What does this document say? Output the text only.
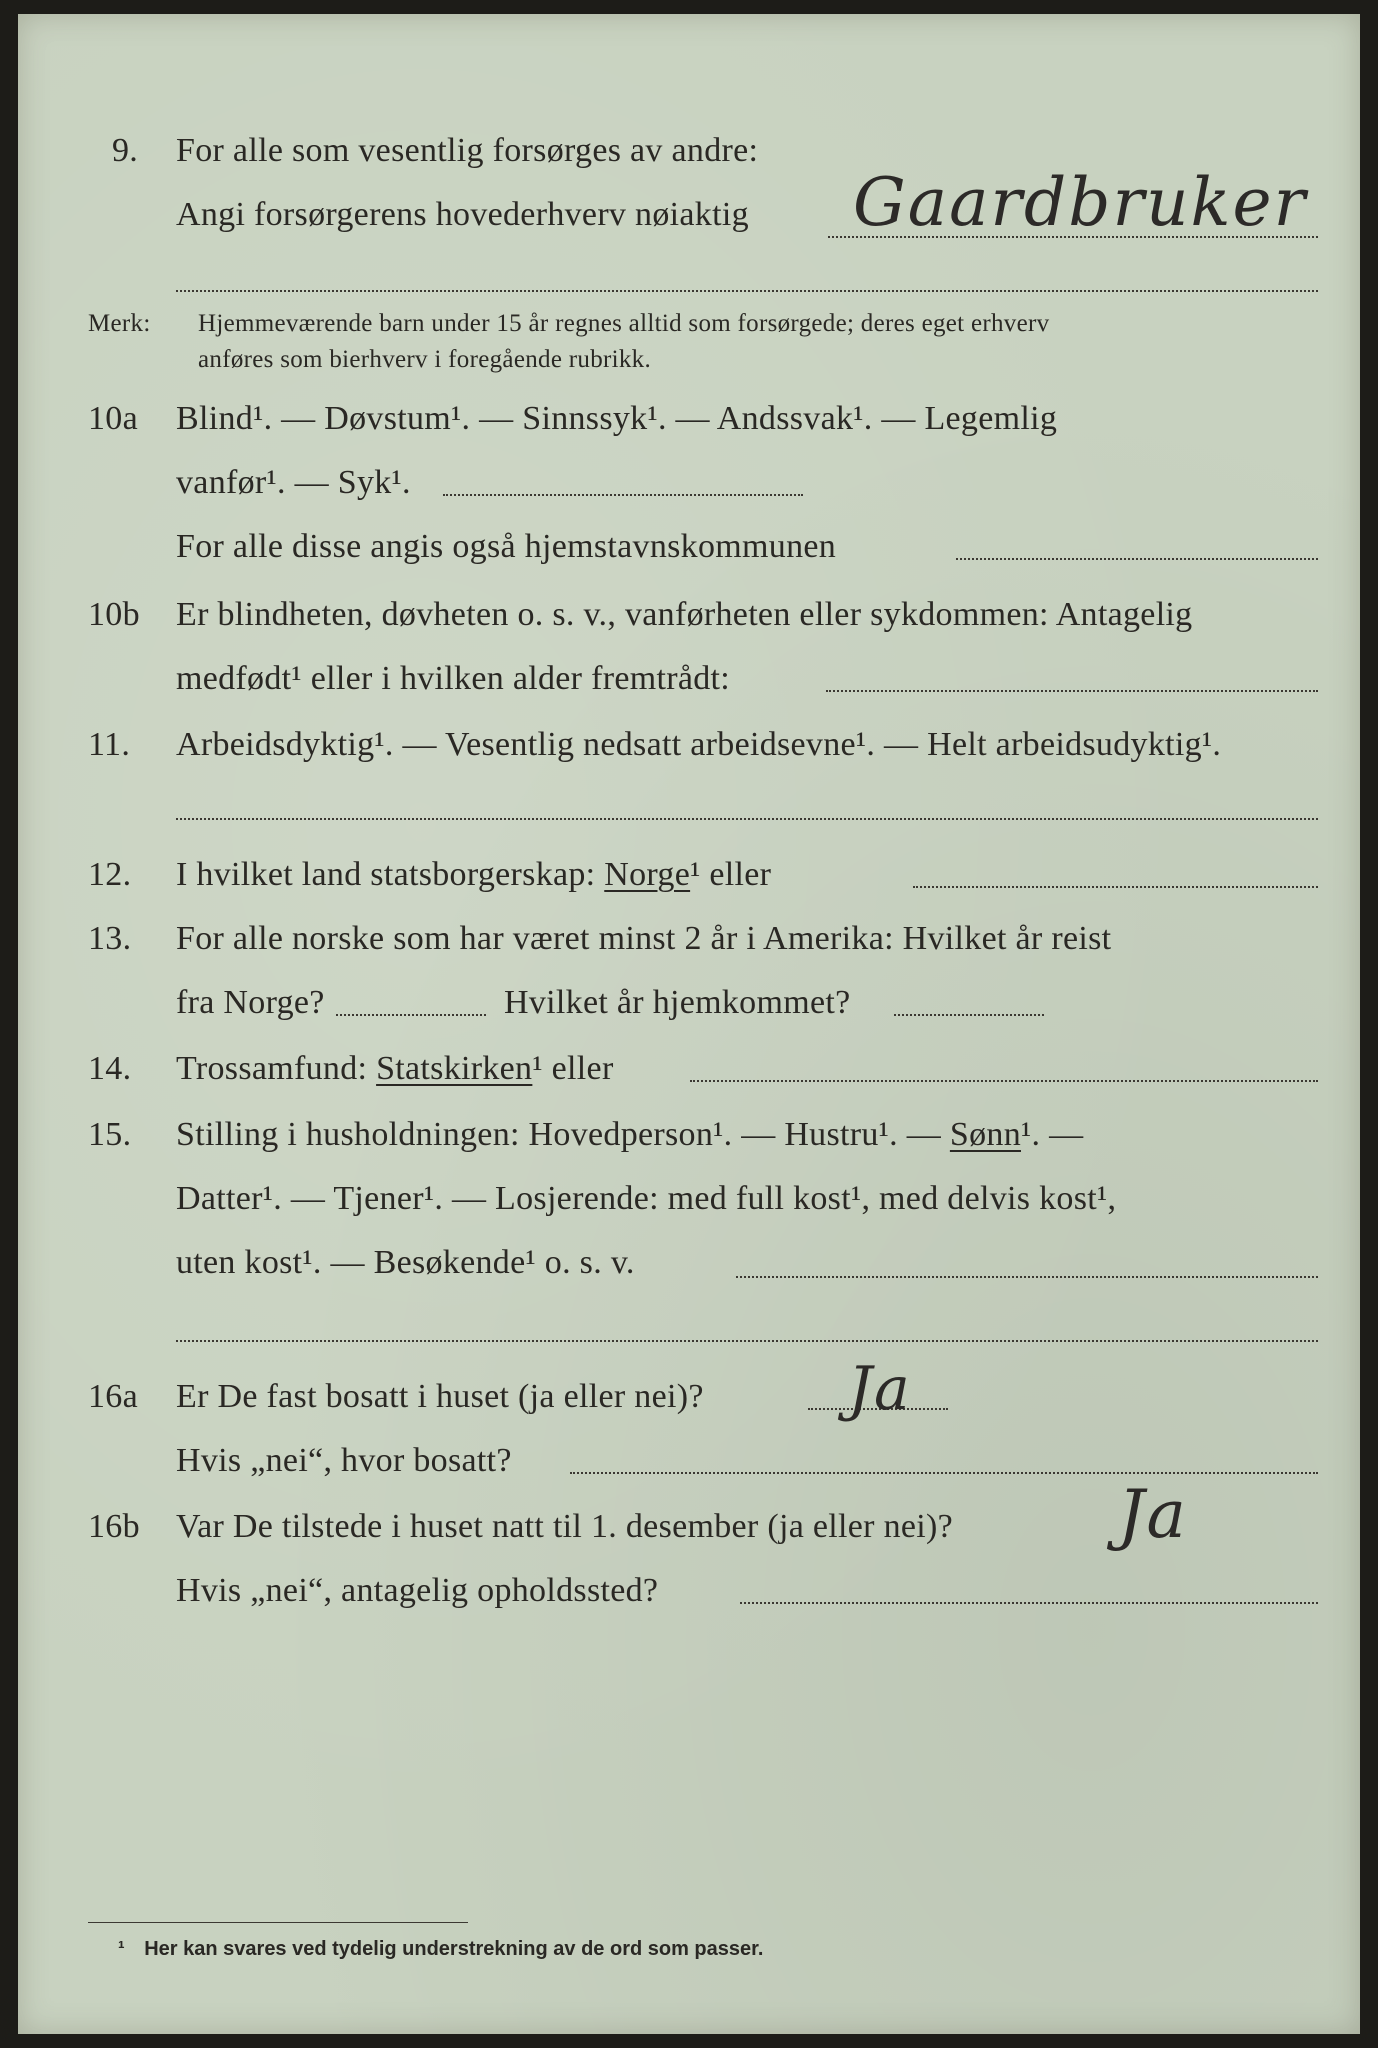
9. For alle som vesentlig forsørges av andre:
Angi forsørgerens hovederhverv nøiaktig Gaardbruker
Merk: Hjemmeværende barn under 15 år regnes alltid som forsørgede; deres eget erhverv
anføres som bierhverv i foregående rubrikk.
10a Blind¹. — Døvstum¹. — Sinnssyk¹. — Andssvak¹. — Legemlig
vanfør¹. — Syk¹.
For alle disse angis også hjemstavnskommunen
10b Er blindheten, døvheten o. s. v., vanførheten eller sykdommen: Antagelig
medfødt¹ eller i hvilken alder fremtrådt:
11. Arbeidsdyktig¹. — Vesentlig nedsatt arbeidsevne¹. — Helt arbeidsudyktig¹.
12. I hvilket land statsborgerskap: Norge¹ eller
13. For alle norske som har været minst 2 år i Amerika: Hvilket år reist
fra Norge?	Hvilket år hjemkommet?
14. Trossamfund: Statskirken¹ eller
15. Stilling i husholdningen: Hovedperson¹. — Hustru¹. — Sønn¹. —
Datter¹. — Tjener¹. — Losjerende: med full kost¹, med delvis kost¹,
uten kost¹. — Besøkende¹ o. s. v.
16a Er De fast bosatt i huset (ja eller nei)? Ja
Hvis „nei“, hvor bosatt?
16b Var De tilstede i huset natt til 1. desember (ja eller nei)? Ja
Hvis „nei“, antagelig opholdssted?
¹ Her kan svares ved tydelig understrekning av de ord som passer.
